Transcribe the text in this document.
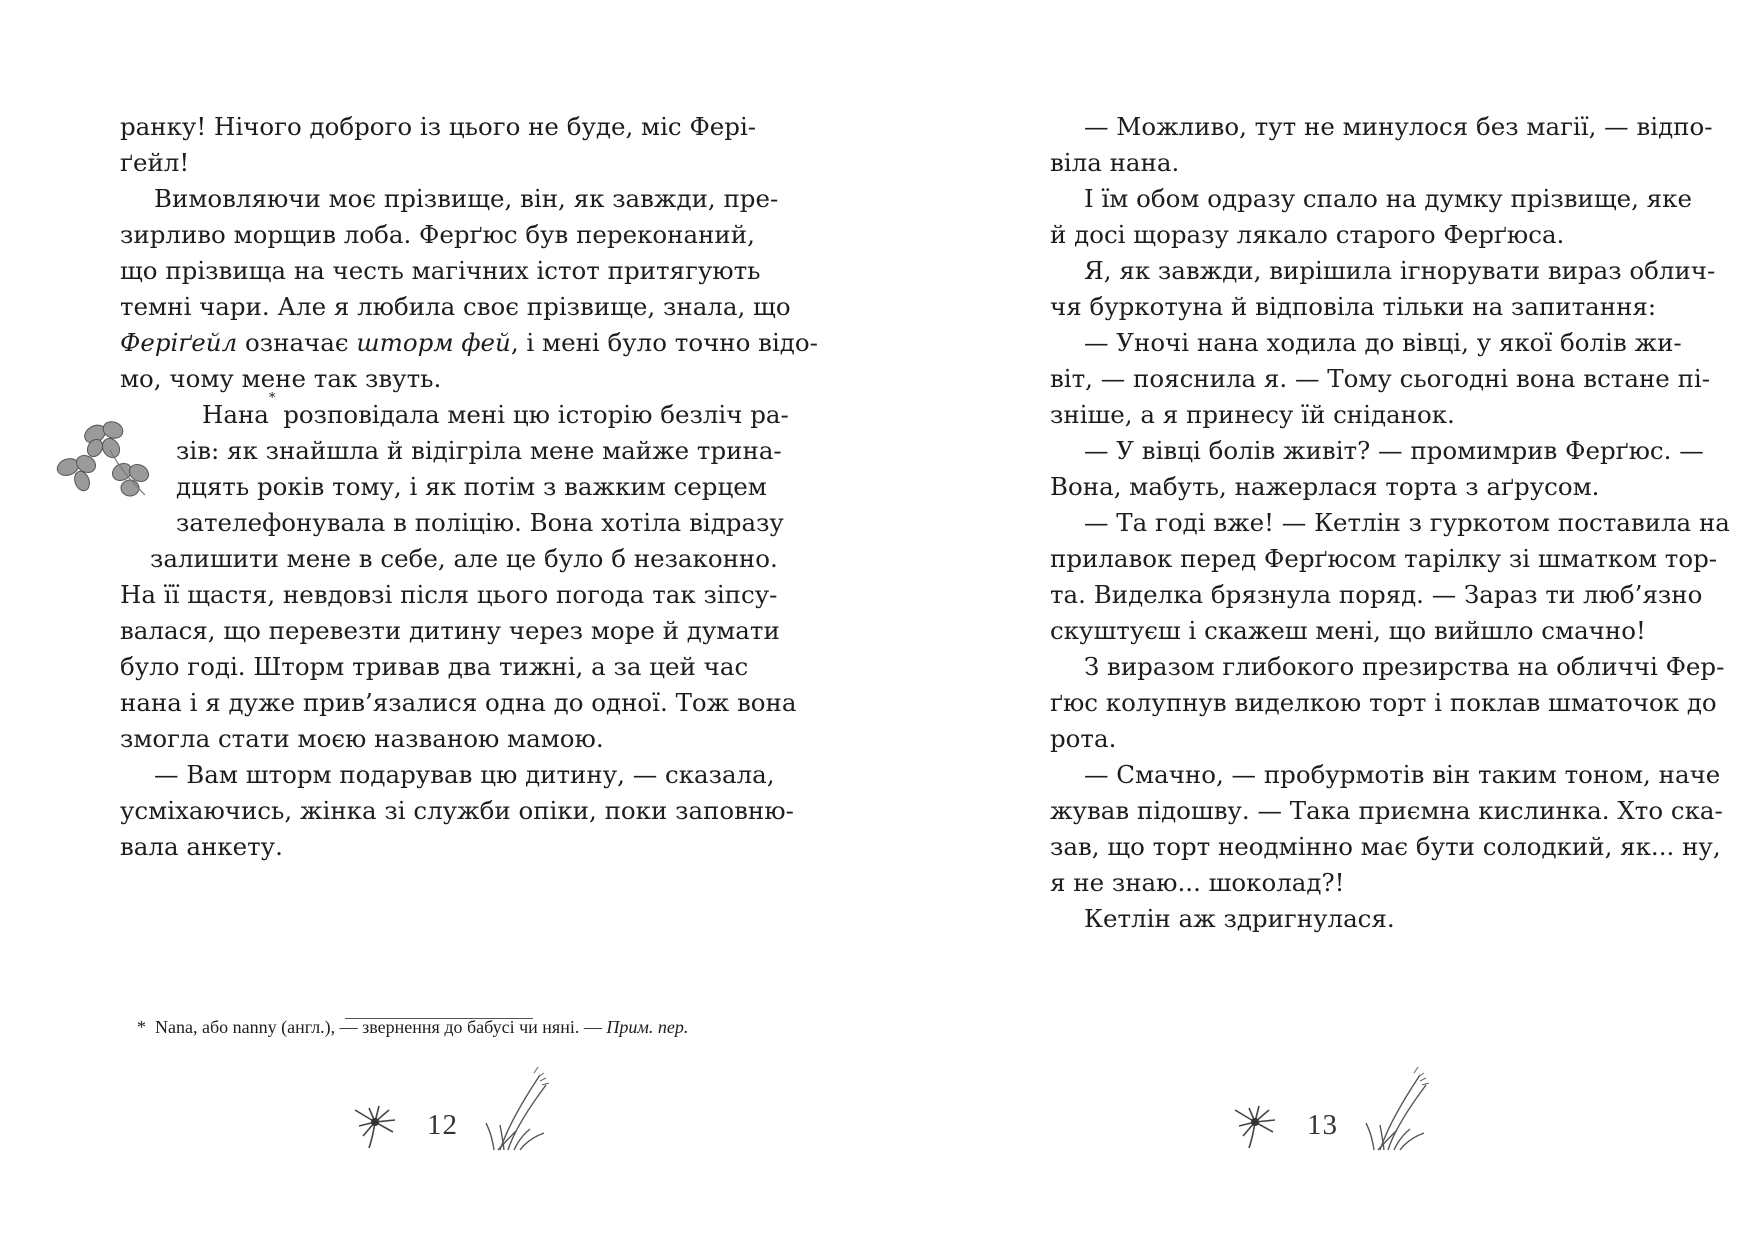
ранку! Нічого доброго із цього не буде, міс Фері-
ґейл!
Вимовляючи моє прізвище, він, як завжди, пре-
зирливо морщив лоба. Ферґюс був переконаний,
що прізвища на честь магічних істот притягують
темні чари. Але я любила своє прізвище, знала, що
Феріґейл означає шторм фей, і мені було точно відо-
мо, чому мене так звуть.
Нана* розповідала мені цю історію безліч ра-
зів: як знайшла й відігріла мене майже трина-
дцять років тому, і як потім з важким серцем
зателефонувала в поліцію. Вона хотіла відразу
залишити мене в себе, але це було б незаконно.
На її щастя, невдовзі після цього погода так зіпсу-
валася, що перевезти дитину через море й думати
було годі. Шторм тривав два тижні, а за цей час
нана і я дуже прив’язалися одна до одної. Тож вона
змогла стати моєю названою мамою.
— Вам шторм подарував цю дитину, — сказала,
усміхаючись, жінка зі служби опіки, поки заповню-
вала анкету.
* Nana, або nanny (англ.), — звернення до бабусі чи няні. — Прим. пер.
12
— Можливо, тут не минулося без магії, — відпо-
віла нана.
І їм обом одразу спало на думку прізвище, яке
й досі щоразу лякало старого Ферґюса.
Я, як завжди, вирішила ігнорувати вираз облич-
чя буркотуна й відповіла тільки на запитання:
— Уночі нана ходила до вівці, у якої болів жи-
віт, — пояснила я. — Тому сьогодні вона встане пі-
зніше, а я принесу їй сніданок.
— У вівці болів живіт? — промимрив Ферґюс. —
Вона, мабуть, нажерлася торта з аґрусом.
— Та годі вже! — Кетлін з гуркотом поставила на
прилавок перед Ферґюсом тарілку зі шматком тор-
та. Виделка брязнула поряд. — Зараз ти люб’язно
скуштуєш і скажеш мені, що вийшло смачно!
З виразом глибокого презирства на обличчі Фер-
ґюс колупнув виделкою торт і поклав шматочок до
рота.
— Смачно, — пробурмотів він таким тоном, наче
жував підошву. — Така приємна кислинка. Хто ска-
зав, що торт неодмінно має бути солодкий, як... ну,
я не знаю... шоколад?!
Кетлін аж здригнулася.
13
